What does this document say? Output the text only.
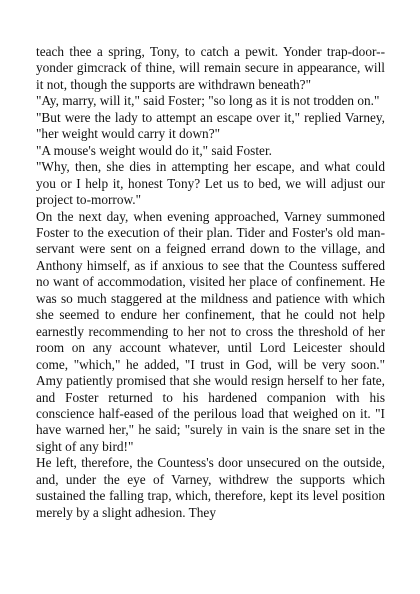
teach thee a spring, Tony, to catch a pewit. Yonder trap-door--yonder gimcrack of thine, will remain secure in appearance, will it not, though the supports are withdrawn beneath?"

"Ay, marry, will it," said Foster; "so long as it is not trodden on."

"But were the lady to attempt an escape over it," replied Varney, "her weight would carry it down?"

"A mouse's weight would do it," said Foster.

"Why, then, she dies in attempting her escape, and what could you or I help it, honest Tony? Let us to bed, we will adjust our project to-morrow."

On the next day, when evening approached, Varney summoned Foster to the execution of their plan. Tider and Foster's old man-servant were sent on a feigned errand down to the village, and Anthony himself, as if anxious to see that the Countess suffered no want of accommodation, visited her place of confinement. He was so much staggered at the mildness and patience with which she seemed to endure her confinement, that he could not help earnestly recommending to her not to cross the threshold of her room on any account whatever, until Lord Leicester should come, "which," he added, "I trust in God, will be very soon." Amy patiently promised that she would resign herself to her fate, and Foster returned to his hardened companion with his conscience half-eased of the perilous load that weighed on it. "I have warned her," he said; "surely in vain is the snare set in the sight of any bird!"

He left, therefore, the Countess's door unsecured on the outside, and, under the eye of Varney, withdrew the supports which sustained the falling trap, which, therefore, kept its level position merely by a slight adhesion. They
